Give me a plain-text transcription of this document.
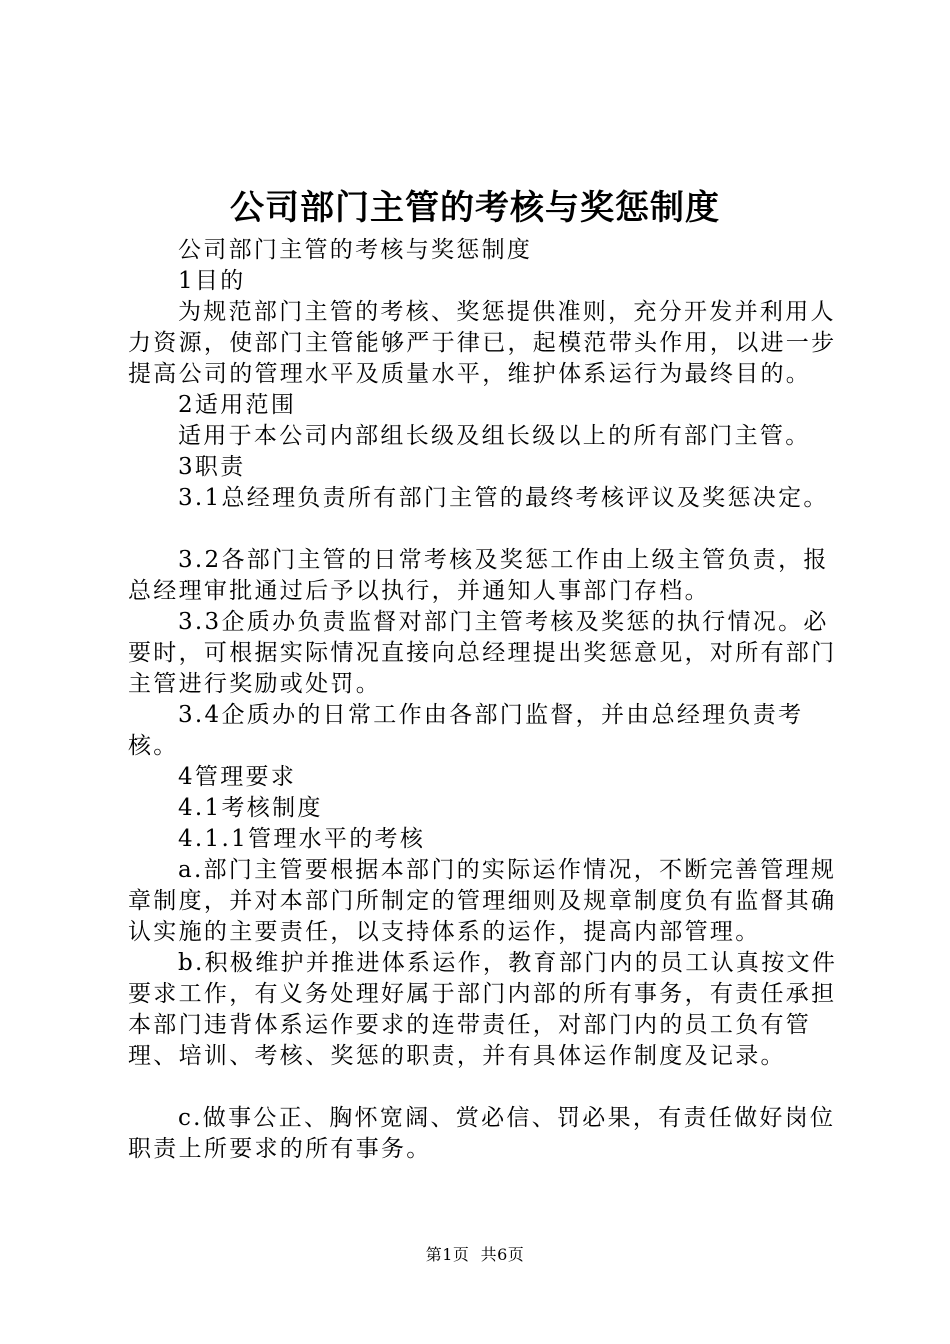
公司部门主管的考核与奖惩制度

公司部门主管的考核与奖惩制度

1目的

为规范部门主管的考核、奖惩提供准则，充分开发并利用人力资源，使部门主管能够严于律已，起模范带头作用，以进一步提高公司的管理水平及质量水平，维护体系运行为最终目的。

2适用范围

适用于本公司内部组长级及组长级以上的所有部门主管。

3职责

3.1总经理负责所有部门主管的最终考核评议及奖惩决定。

3.2各部门主管的日常考核及奖惩工作由上级主管负责，报总经理审批通过后予以执行，并通知人事部门存档。

3.3企质办负责监督对部门主管考核及奖惩的执行情况。必要时，可根据实际情况直接向总经理提出奖惩意见，对所有部门主管进行奖励或处罚。

3.4企质办的日常工作由各部门监督，并由总经理负责考核。

4管理要求

4.1考核制度

4.1.1管理水平的考核

a.部门主管要根据本部门的实际运作情况，不断完善管理规章制度，并对本部门所制定的管理细则及规章制度负有监督其确认实施的主要责任，以支持体系的运作，提高内部管理。

b.积极维护并推进体系运作，教育部门内的员工认真按文件要求工作，有义务处理好属于部门内部的所有事务，有责任承担本部门违背体系运作要求的连带责任，对部门内的员工负有管理、培训、考核、奖惩的职责，并有具体运作制度及记录。

c.做事公正、胸怀宽阔、赏必信、罚必果，有责任做好岗位职责上所要求的所有事务。

第1页 共6页
